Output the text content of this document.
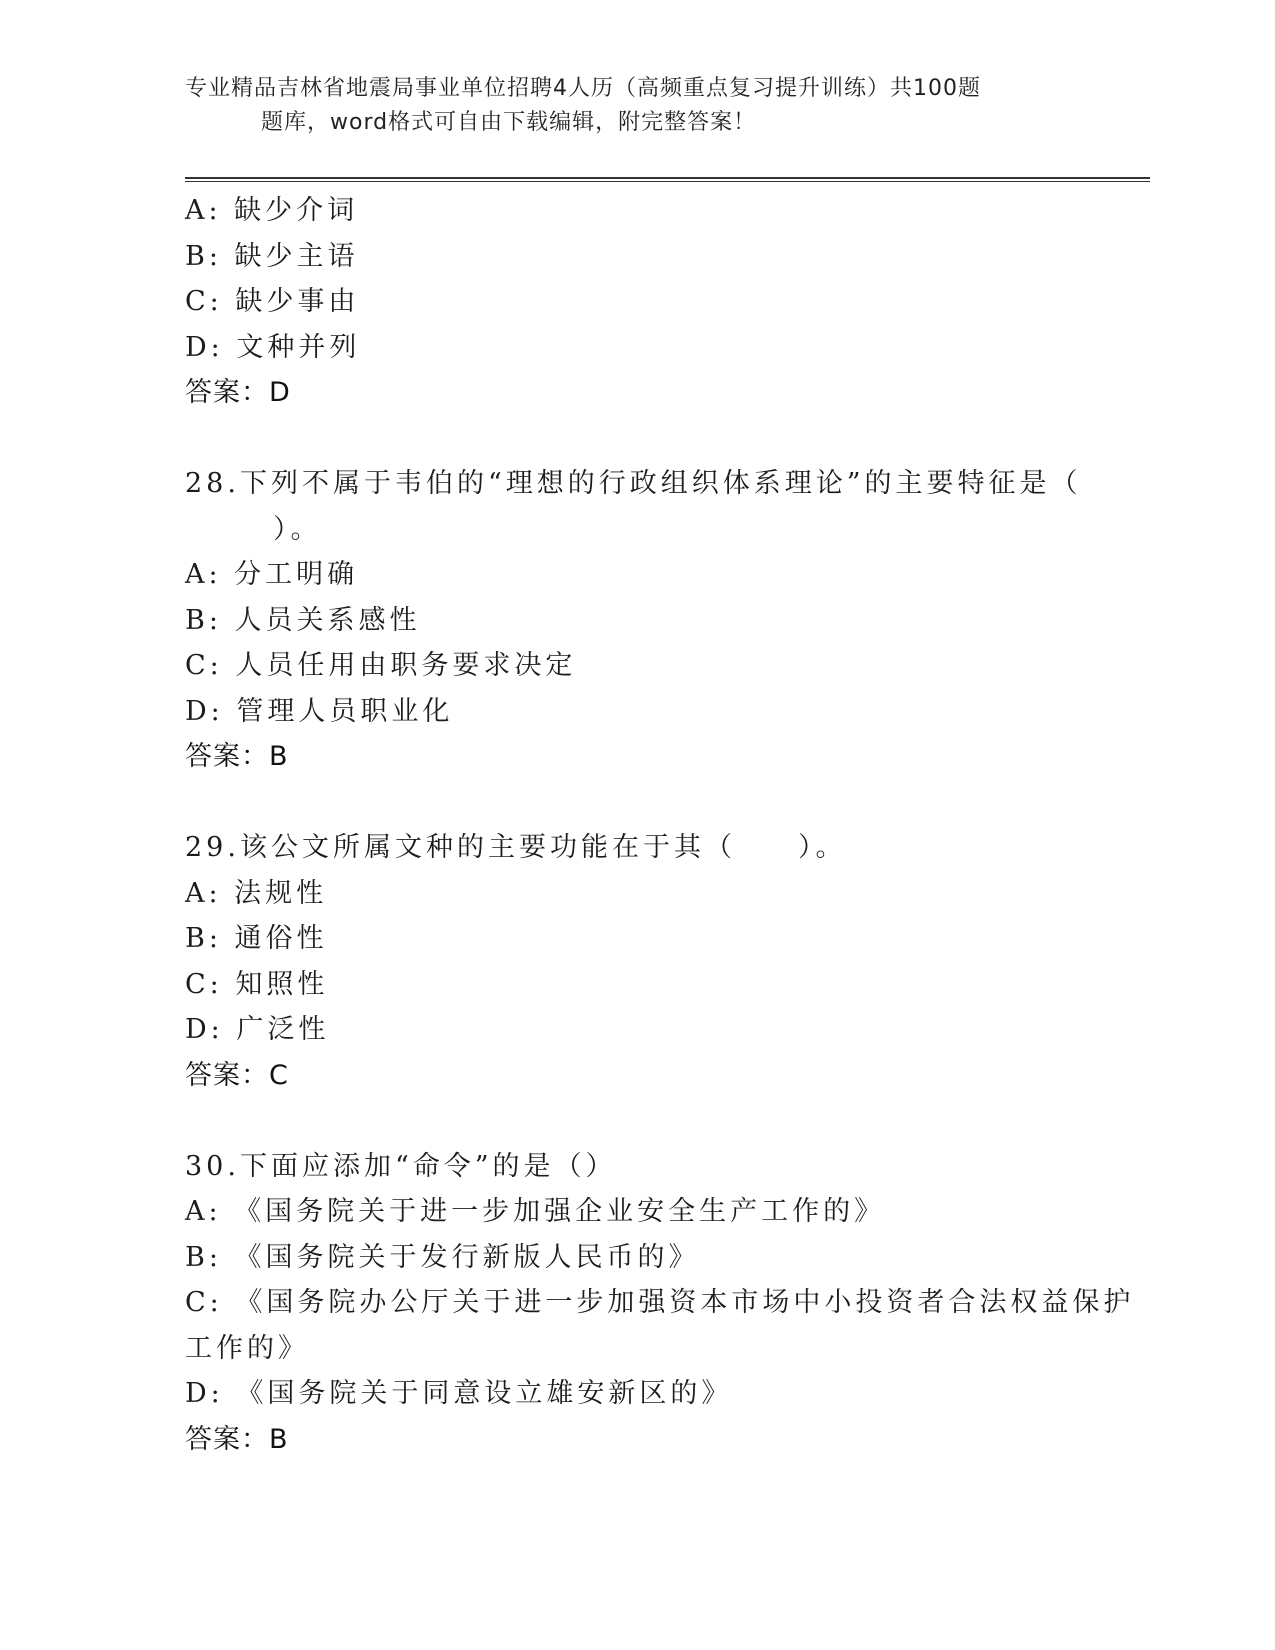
专业精品吉林省地震局事业单位招聘4人历（高频重点复习提升训练）共100题
题库，word格式可自由下载编辑，附完整答案！
A: 缺少介词
B: 缺少主语
C: 缺少事由
D: 文种并列
答案：D
28.下列不属于韦伯的“理想的行政组织体系理论”的主要特征是（
）。
A: 分工明确
B: 人员关系感性
C: 人员任用由职务要求决定
D: 管理人员职业化
答案：B
29.该公文所属文种的主要功能在于其（　　）。
A: 法规性
B: 通俗性
C: 知照性
D: 广泛性
答案：C
30.下面应添加“命令”的是（）
A: 《国务院关于进一步加强企业安全生产工作的》
B: 《国务院关于发行新版人民币的》
C: 《国务院办公厅关于进一步加强资本市场中小投资者合法权益保护
工作的》
D: 《国务院关于同意设立雄安新区的》
答案：B
